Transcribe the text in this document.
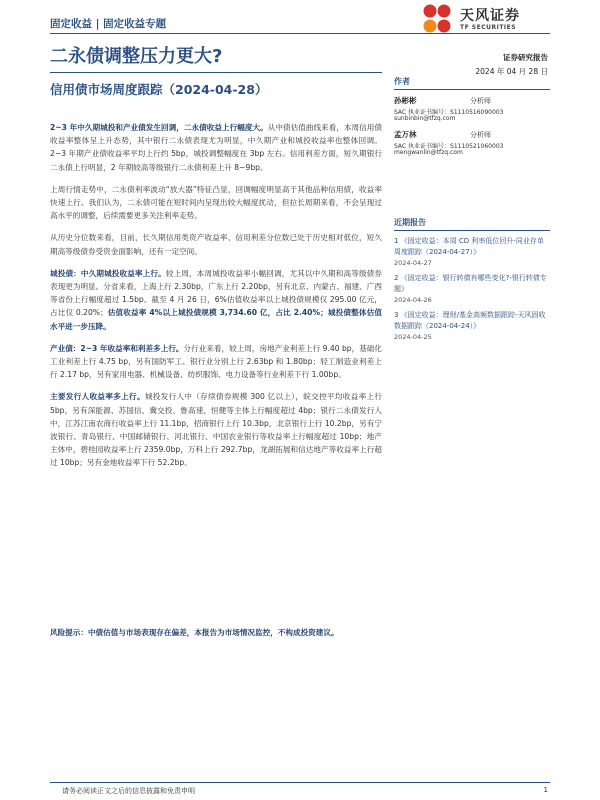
固定收益 | 固定收益专题	天风证券
TF SECURITIES
二永债调整压力更大?	证券研究报告
2024 年 04 月 28 日
信用债市场周度跟踪（2024-04-28）
作者
孙彬彬	分析师
SAC 执业证书编号：S1110516090003
sunbinbin@tfzq.com
孟万林	分析师
SAC 执业证书编号：S1110521060003
mengwanlin@tfzq.com
近期报告
1 《固定收益：本周 CD 利率低位回升-同业存单周度跟踪（2024-04-27）》
2024-04-27
2 《固定收益：银行转债有哪些变化?-银行转债专题》
2024-04-26
3 《固定收益：理财/基金高频数据跟踪-天风固收数据跟踪（2024-04-24）》
2024-04-25

2~3 年中久期城投和产业债发生回调，二永债收益上行幅度大。从中债估值曲线来看，本周信用债收益率整体呈上升态势，其中银行二永债表现尤为明显，中久期产业和城投收益率也整体回调。2~3 年期产业债收益率平均上行约 5bp，城投调整幅度在 3bp 左右。信用利差方面，短久期银行二永债上行明显，2 年期较高等级银行二永债利差上升 8~9bp。

上周行情走势中，二永债利率波动“放大器”特征凸显，回调幅度明显高于其他品种信用债，收益率快速上行。我们认为，二永债可能在短时间内呈现出较大幅度扰动，但拉长周期来看，不会呈现过高水平的调整，后续需要更多关注利率走势。

从历史分位数来看，目前，长久期信用类资产收益率、信用利差分位数已处于历史相对低位，短久期高等级债券受资金面影响，还有一定空间。

城投债：中久期城投收益率上行。较上周，本周城投收益率小幅回调，尤其以中久期和高等级债券表现更为明显。分省来看，上海上行 2.30bp，广东上行 2.20bp，另有北京、内蒙古、福建、广西等省份上行幅度超过 1.5bp。截至 4 月 26 日，6%估值收益率以上城投债规模仅 295.00 亿元，占比仅 0.20%；估值收益率 4%以上城投债规模 3,734.60 亿，占比 2.40%；城投债整体估值水平进一步压降。

产业债：2~3 年收益率和利差多上行。分行业来看，较上周，房地产业利差上行 9.40 bp，基础化工业利差上行 4.75 bp，另有国防军工、银行业分别上行 2.63bp 和 1.80bp；轻工制造业利差上行 2.17 bp，另有家用电器、机械设备、纺织服饰、电力设备等行业利差下行 1.00bp。

主要发行人收益率多上行。城投发行人中（存续债券规模 300 亿以上），皖交控平均收益率上行 5bp，另有深能源、苏国信、冀交投、鲁高速、恒健等主体上行幅度超过 4bp；银行二永债发行人中，江苏江南农商行收益率上行 11.1bp，招商银行上行 10.3bp，北京银行上行 10.2bp，另有宁波银行、青岛银行、中国邮储银行、河北银行、中国农业银行等收益率上行幅度超过 10bp；地产主体中，碧桂园收益率上行 2359.0bp，万科上行 292.7bp，龙湖拓展和信达地产等收益率上行超过 10bp；另有金地收益率下行 52.2bp。

风险提示：中债估值与市场表现存在偏差，本报告为市场情况监控，不构成投资建议。
请务必阅读正文之后的信息披露和免责申明	1
